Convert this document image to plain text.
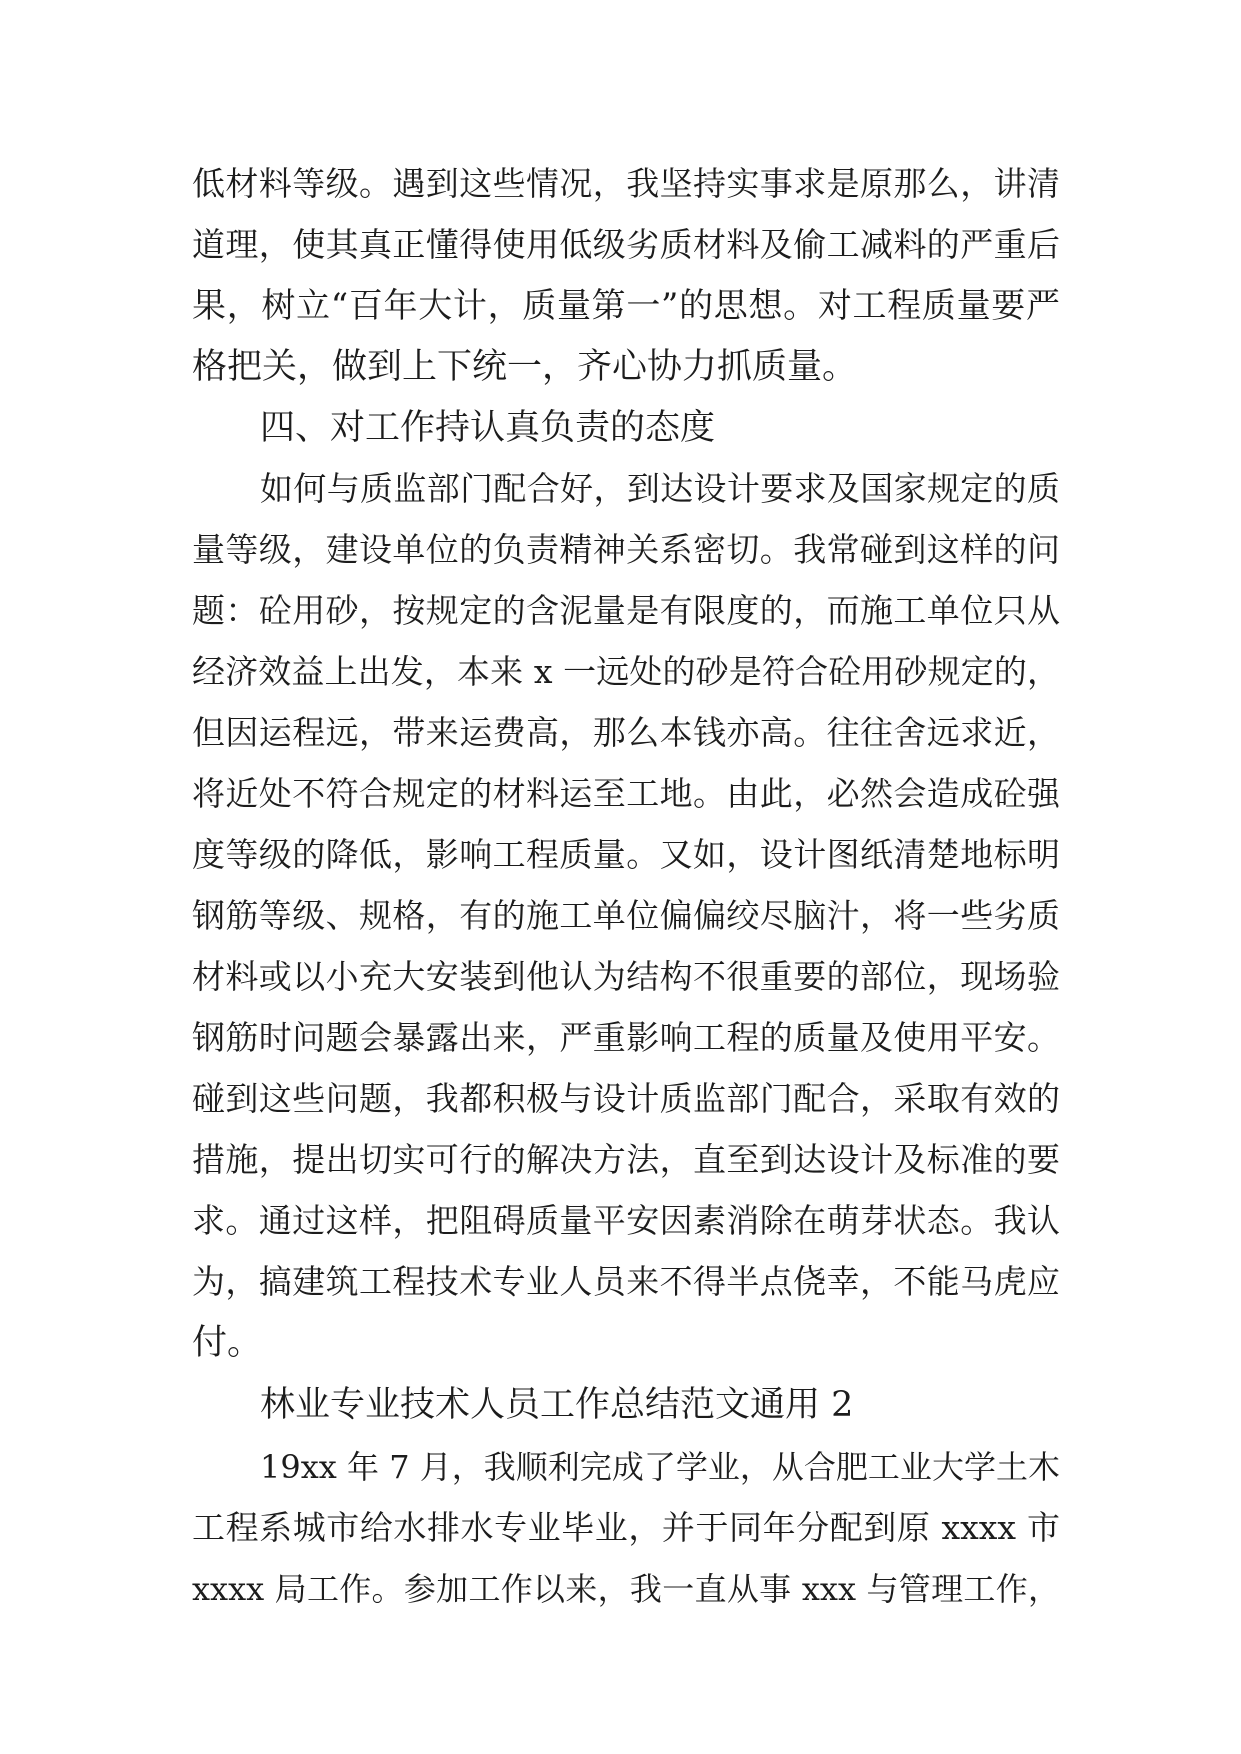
低材料等级。遇到这些情况，我坚持实事求是原那么，讲清
道理，使其真正懂得使用低级劣质材料及偷工减料的严重后
果，树立“百年大计，质量第一”的思想。对工程质量要严
格把关，做到上下统一，齐心协力抓质量。
四、对工作持认真负责的态度
如何与质监部门配合好，到达设计要求及国家规定的质
量等级，建设单位的负责精神关系密切。我常碰到这样的问
题：砼用砂，按规定的含泥量是有限度的，而施工单位只从
经济效益上出发，本来 x 一远处的砂是符合砼用砂规定的，
但因运程远，带来运费高，那么本钱亦高。往往舍远求近，
将近处不符合规定的材料运至工地。由此，必然会造成砼强
度等级的降低，影响工程质量。又如，设计图纸清楚地标明
钢筋等级、规格，有的施工单位偏偏绞尽脑汁，将一些劣质
材料或以小充大安装到他认为结构不很重要的部位，现场验
钢筋时问题会暴露出来，严重影响工程的质量及使用平安。
碰到这些问题，我都积极与设计质监部门配合，采取有效的
措施，提出切实可行的解决方法，直至到达设计及标准的要
求。通过这样，把阻碍质量平安因素消除在萌芽状态。我认
为，搞建筑工程技术专业人员来不得半点侥幸，不能马虎应
付。
林业专业技术人员工作总结范文通用 2
19xx 年 7 月，我顺利完成了学业，从合肥工业大学土木
工程系城市给水排水专业毕业，并于同年分配到原 xxxx 市
xxxx 局工作。参加工作以来，我一直从事 xxx 与管理工作，
